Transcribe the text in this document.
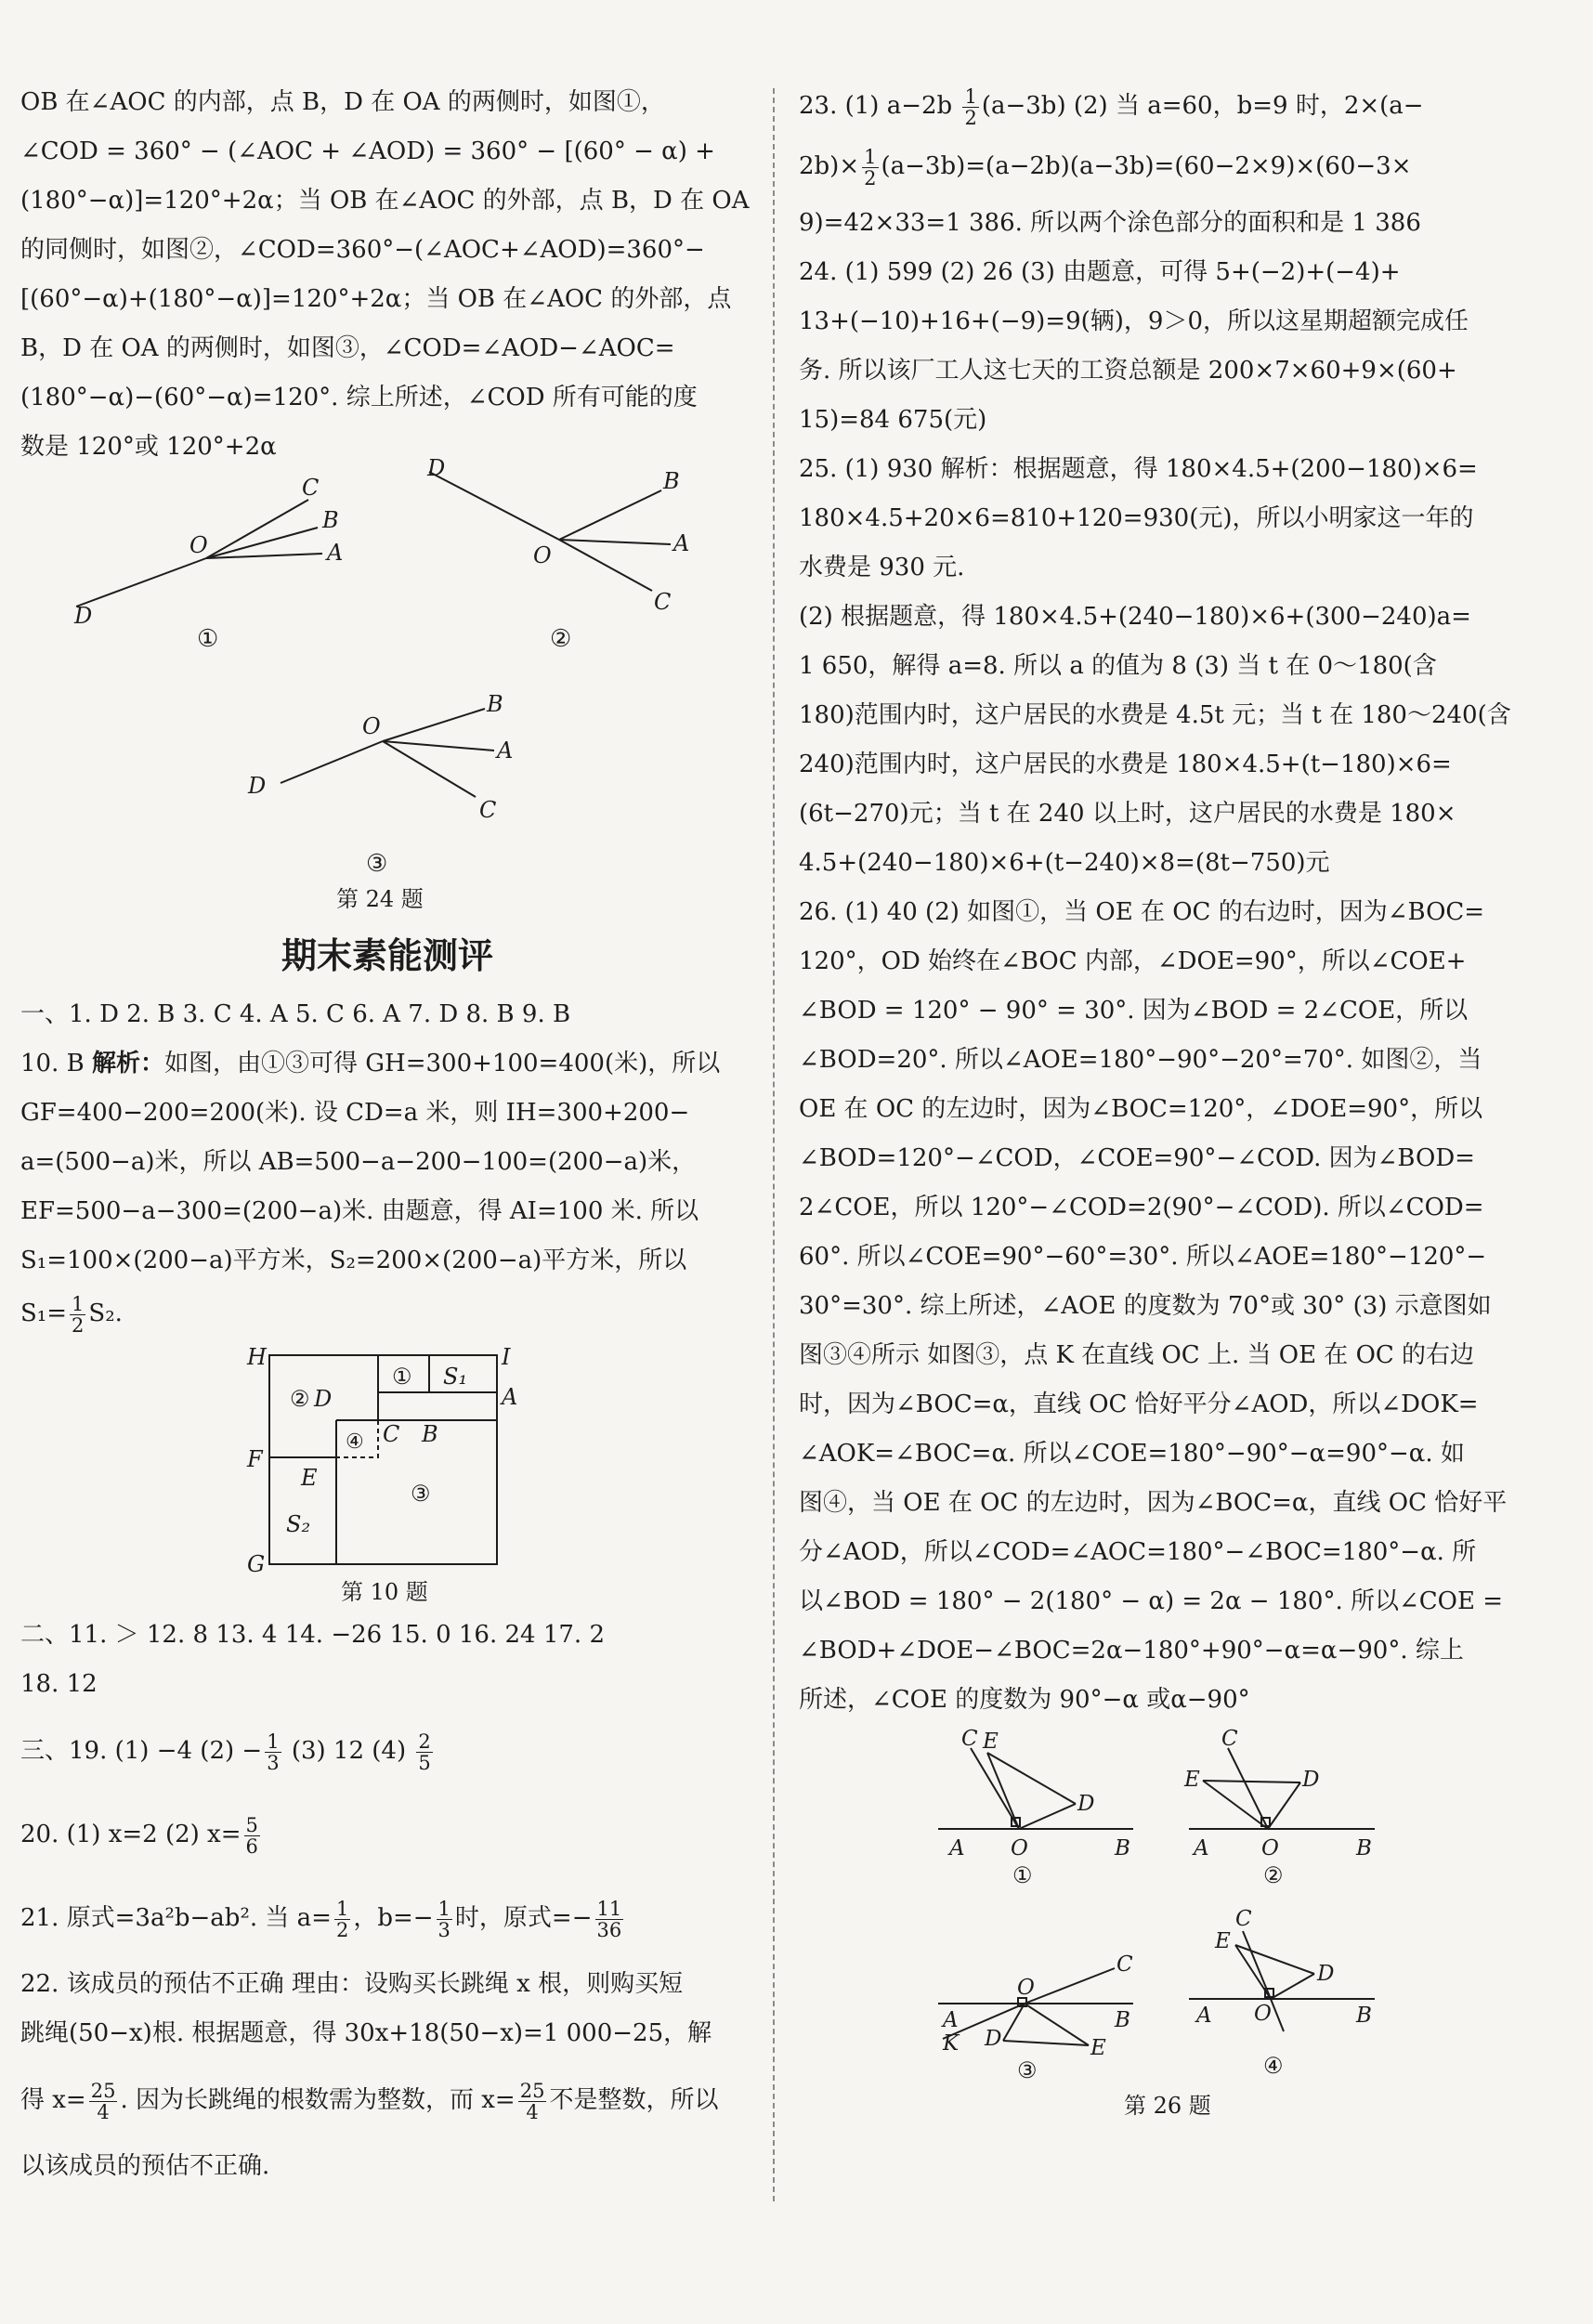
OB 在∠AOC 的内部，点 B，D 在 OA 的两侧时，如图①，

∠COD = 360° − (∠AOC + ∠AOD) = 360° − [(60° − α) +

(180°−α)]=120°+2α；当 OB 在∠AOC 的外部，点 B，D 在 OA

的同侧时，如图②，∠COD=360°−(∠AOC+∠AOD)=360°−

[(60°−α)+(180°−α)]=120°+2α；当 OB 在∠AOC 的外部，点

B，D 在 OA 的两侧时，如图③，∠COD=∠AOD−∠AOC=

(180°−α)−(60°−α)=120°. 综上所述，∠COD 所有可能的度

数是 120°或 120°+2α

C
B
O	A
D
①
D	B
O	A
C
②
B
O
A
D
C
③
第 24 题
期末素能测评

一、1. D 2. B 3. C 4. A 5. C 6. A 7. D 8. B 9. B

10. B 解析：如图，由①③可得 GH=300+100=400(米)，所以

GF=400−200=200(米). 设 CD=a 米，则 IH=300+200−

a=(500−a)米，所以 AB=500−a−200−100=(200−a)米，

EF=500−a−300=(200−a)米. 由题意，得 AI=100 米. 所以

S₁=100×(200−a)平方米，S₂=200×(200−a)平方米，所以

$S_1= \frac{1}{2} S_2$.

H	I
A
F
G
② D
① S₁
④ C B
E
③
S₂
第 10 题

二、11. ＞ 12. 8 13. 4 14. −26 15. 0 16. 24 17. 2

18. 12

三、19. (1) −4 $(2) - \frac{1}{3} (3)$ 12 $(4) \frac{2}{5}$

20. (1) x=2 (2) $x= \frac{5}{6}$

21. 原式=3a²b−ab². 当 $a= \frac{1}{2}$ ，$b=- \frac{1}{3}$ 时，原式=− $\frac{11}{36}$

22. 该成员的预估不正确 理由：设购买长跳绳 x 根，则购买短

跳绳(50−x)根. 根据题意，得 30x+18(50−x)=1 000−25，解

得 $x= \frac{25}{4}$ . 因为长跳绳的根数需为整数，而 $x= \frac{25}{4}$ 不是整数，所以

以该成员的预估不正确.

23. (1) $a-2b \frac{1}{2} (a-3b)$ (2) 当 a=60，b=9 时，2×(a−

$2b)\times \frac{1}{2} (a-3b)=(a-2b)(a-3b)=(60-2\times 9)\times(60-3\times$

9)=42×33=1 386. 所以两个涂色部分的面积和是 1 386

24. (1) 599 (2) 26 (3) 由题意，可得 5+(−2)+(−4)+

13+(−10)+16+(−9)=9(辆)，9＞0，所以这星期超额完成任

务. 所以该厂工人这七天的工资总额是 200×7×60+9×(60+

15)=84 675(元)

25. (1) 930 解析：根据题意，得 180×4.5+(200−180)×6=

180×4.5+20×6=810+120=930(元)，所以小明家这一年的

水费是 930 元.

(2) 根据题意，得 180×4.5+(240−180)×6+(300−240)a=

1 650，解得 a=8. 所以 a 的值为 8 (3) 当 t 在 0～180(含

180)范围内时，这户居民的水费是 4.5t 元；当 t 在 180～240(含

240)范围内时，这户居民的水费是 180×4.5+(t−180)×6=

(6t−270)元；当 t 在 240 以上时，这户居民的水费是 180×

4.5+(240−180)×6+(t−240)×8=(8t−750)元

26. (1) 40 (2) 如图①，当 OE 在 OC 的右边时，因为∠BOC=

120°，OD 始终在∠BOC 内部，∠DOE=90°，所以∠COE+

∠BOD = 120° − 90° = 30°. 因为∠BOD = 2∠COE，所以

∠BOD=20°. 所以∠AOE=180°−90°−20°=70°. 如图②，当

OE 在 OC 的左边时，因为∠BOC=120°，∠DOE=90°，所以

∠BOD=120°−∠COD，∠COE=90°−∠COD. 因为∠BOD=

2∠COE，所以 120°−∠COD=2(90°−∠COD). 所以∠COD=

60°. 所以∠COE=90°−60°=30°. 所以∠AOE=180°−120°−

30°=30°. 综上所述，∠AOE 的度数为 70°或 30° (3) 示意图如

图③④所示 如图③，点 K 在直线 OC 上. 当 OE 在 OC 的右边

时，因为∠BOC=α，直线 OC 恰好平分∠AOD，所以∠DOK=

∠AOK=∠BOC=α. 所以∠COE=180°−90°−α=90°−α. 如

图④，当 OE 在 OC 的左边时，因为∠BOC=α，直线 OC 恰好平

分∠AOD，所以∠COD=∠AOC=180°−∠BOC=180°−α. 所

以∠BOD = 180° − 2(180° − α) = 2α − 180°. 所以∠COE =

∠BOD+∠DOE−∠BOC=2α−180°+90°−α=α−90°. 综上

所述，∠COE 的度数为 90°−α 或α−90°

C E
D
A O	B
①
C
E	D
A O	B
②
C
O
A
K D
B
E
③
C
E
D
A O	B
④
第 26 题
